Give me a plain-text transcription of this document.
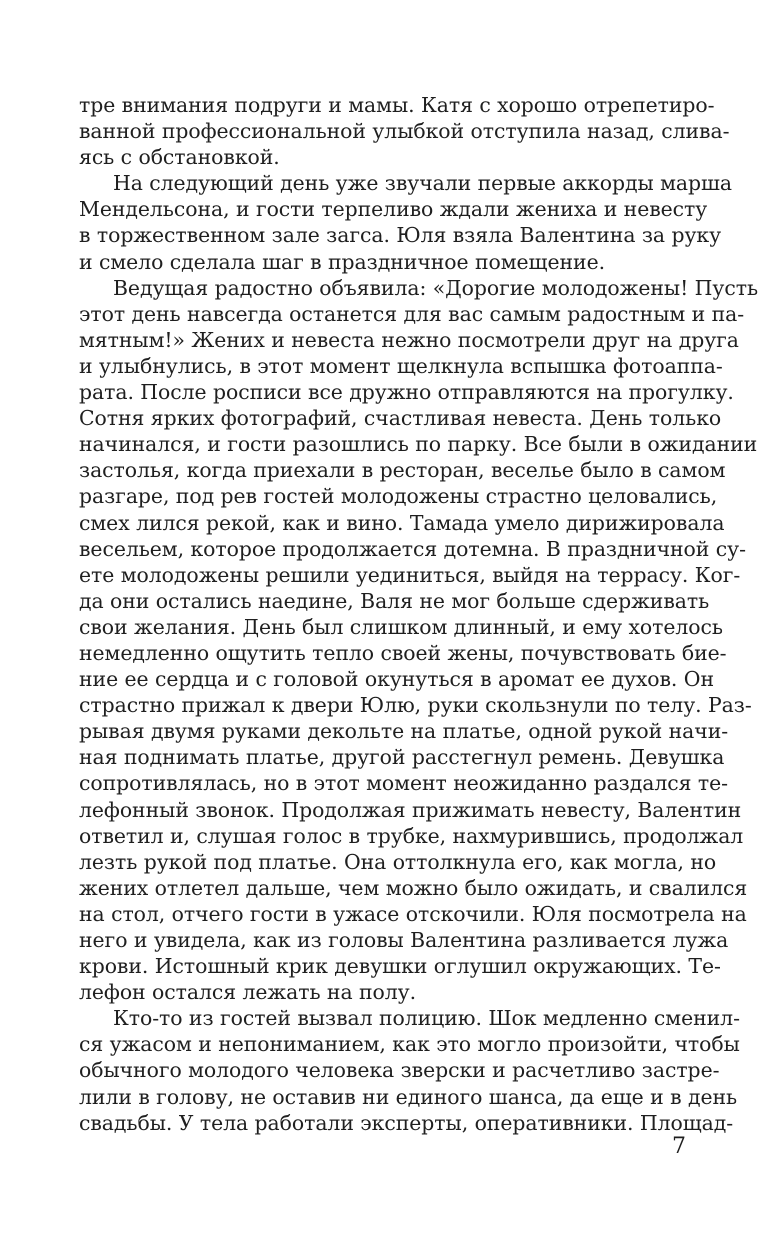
тре внимания подруги и мамы. Катя с хорошо отрепетиро-
ванной профессиональной улыбкой отступила назад, слива-
ясь с обстановкой.
На следующий день уже звучали первые аккорды марша
Мендельсона, и гости терпеливо ждали жениха и невесту
в торжественном зале загса. Юля взяла Валентина за руку
и смело сделала шаг в праздничное помещение.
Ведущая радостно объявила: «Дорогие молодожены! Пусть
этот день навсегда останется для вас самым радостным и па-
мятным!» Жених и невеста нежно посмотрели друг на друга
и улыбнулись, в этот момент щелкнула вспышка фотоаппа-
рата. После росписи все дружно отправляются на прогулку.
Сотня ярких фотографий, счастливая невеста. День только
начинался, и гости разошлись по парку. Все были в ожидании
застолья, когда приехали в ресторан, веселье было в самом
разгаре, под рев гостей молодожены страстно целовались,
смех лился рекой, как и вино. Тамада умело дирижировала
весельем, которое продолжается дотемна. В праздничной су-
ете молодожены решили уединиться, выйдя на террасу. Ког-
да они остались наедине, Валя не мог больше сдерживать
свои желания. День был слишком длинный, и ему хотелось
немедленно ощутить тепло своей жены, почувствовать бие-
ние ее сердца и с головой окунуться в аромат ее духов. Он
страстно прижал к двери Юлю, руки скользнули по телу. Раз-
рывая двумя руками декольте на платье, одной рукой начи-
ная поднимать платье, другой расстегнул ремень. Девушка
сопротивлялась, но в этот момент неожиданно раздался те-
лефонный звонок. Продолжая прижимать невесту, Валентин
ответил и, слушая голос в трубке, нахмурившись, продолжал
лезть рукой под платье. Она оттолкнула его, как могла, но
жених отлетел дальше, чем можно было ожидать, и свалился
на стол, отчего гости в ужасе отскочили. Юля посмотрела на
него и увидела, как из головы Валентина разливается лужа
крови. Истошный крик девушки оглушил окружающих. Те-
лефон остался лежать на полу.
Кто-то из гостей вызвал полицию. Шок медленно сменил-
ся ужасом и непониманием, как это могло произойти, чтобы
обычного молодого человека зверски и расчетливо застре-
лили в голову, не оставив ни единого шанса, да еще и в день
свадьбы. У тела работали эксперты, оперативники. Площад-
7
